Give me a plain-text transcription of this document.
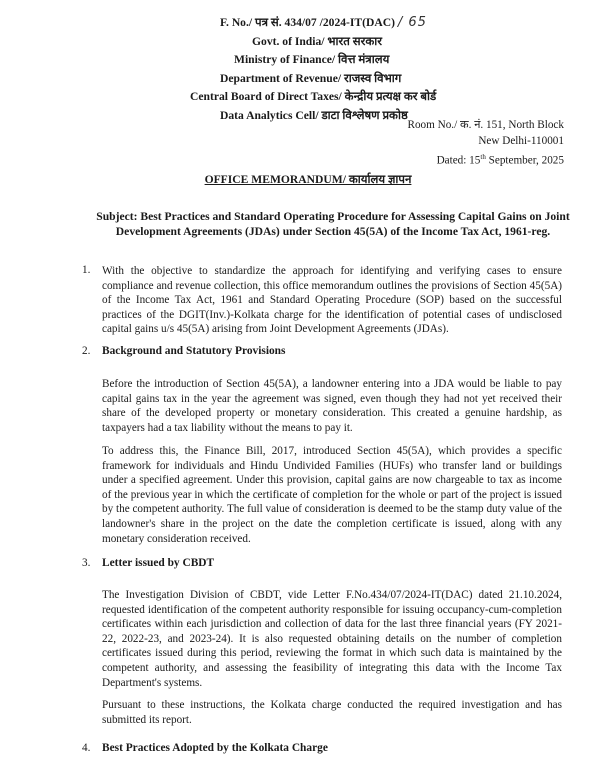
F. No./ पत्र सं. 434/07 /2024-IT(DAC) / 65
Govt. of India/ भारत सरकार
Ministry of Finance/ वित्त मंत्रालय
Department of Revenue/ राजस्व विभाग
Central Board of Direct Taxes/ केन्द्रीय प्रत्यक्ष कर बोर्ड
Data Analytics Cell/ डाटा विश्लेषण प्रकोष्ठ
Room No./ क. नं. 151, North Block
New Delhi-110001
Dated: 15th September, 2025
OFFICE MEMORANDUM/ कार्यालय ज्ञापन
Subject: Best Practices and Standard Operating Procedure for Assessing Capital Gains on Joint Development Agreements (JDAs) under Section 45(5A) of the Income Tax Act, 1961-reg.
1. With the objective to standardize the approach for identifying and verifying cases to ensure compliance and revenue collection, this office memorandum outlines the provisions of Section 45(5A) of the Income Tax Act, 1961 and Standard Operating Procedure (SOP) based on the successful practices of the DGIT(Inv.)-Kolkata charge for the identification of potential cases of undisclosed capital gains u/s 45(5A) arising from Joint Development Agreements (JDAs).
2. Background and Statutory Provisions
Before the introduction of Section 45(5A), a landowner entering into a JDA would be liable to pay capital gains tax in the year the agreement was signed, even though they had not yet received their share of the developed property or monetary consideration. This created a genuine hardship, as taxpayers had a tax liability without the means to pay it.
To address this, the Finance Bill, 2017, introduced Section 45(5A), which provides a specific framework for individuals and Hindu Undivided Families (HUFs) who transfer land or buildings under a specified agreement. Under this provision, capital gains are now chargeable to tax as income of the previous year in which the certificate of completion for the whole or part of the project is issued by the competent authority. The full value of consideration is deemed to be the stamp duty value of the landowner's share in the project on the date the completion certificate is issued, along with any monetary consideration received.
3. Letter issued by CBDT
The Investigation Division of CBDT, vide Letter F.No.434/07/2024-IT(DAC) dated 21.10.2024, requested identification of the competent authority responsible for issuing occupancy-cum-completion certificates within each jurisdiction and collection of data for the last three financial years (FY 2021-22, 2022-23, and 2023-24). It is also requested obtaining details on the number of completion certificates issued during this period, reviewing the format in which such data is maintained by the competent authority, and assessing the feasibility of integrating this data with the Income Tax Department's systems.
Pursuant to these instructions, the Kolkata charge conducted the required investigation and has submitted its report.
4. Best Practices Adopted by the Kolkata Charge
